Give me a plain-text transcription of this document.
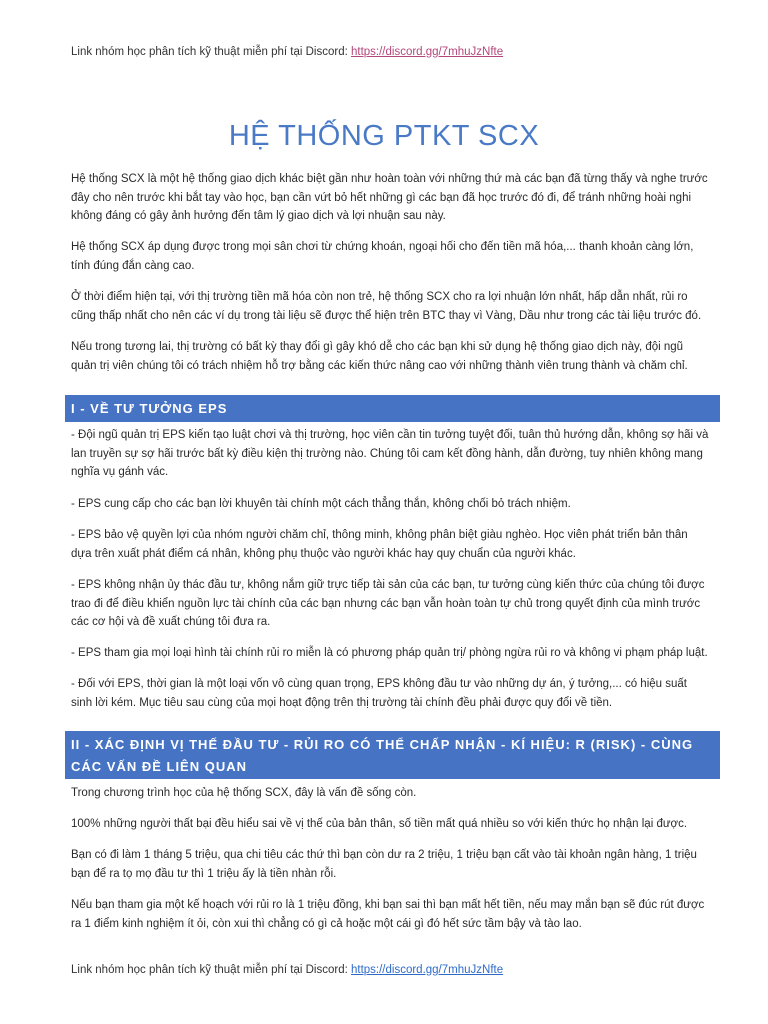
Link nhóm học phân tích kỹ thuật miễn phí tại Discord: https://discord.gg/7mhuJzNfte
HỆ THỐNG PTKT SCX

Hệ thống SCX là một hệ thống giao dịch khác biệt gần như hoàn toàn với những thứ mà các bạn đã từng thấy và nghe trước đây cho nên trước khi bắt tay vào học, bạn cần vứt bỏ hết những gì các bạn đã học trước đó đi, để tránh những hoài nghi không đáng có gây ảnh hưởng đến tâm lý giao dịch và lợi nhuận sau này.

Hệ thống SCX áp dụng được trong mọi sân chơi từ chứng khoán, ngoại hối cho đến tiền mã hóa,... thanh khoản càng lớn, tính đúng đắn càng cao.

Ở thời điểm hiện tại, với thị trường tiền mã hóa còn non trẻ, hệ thống SCX cho ra lợi nhuận lớn nhất, hấp dẫn nhất, rủi ro cũng thấp nhất cho nên các ví dụ trong tài liệu sẽ được thể hiện trên BTC thay vì Vàng, Dầu như trong các tài liệu trước đó.

Nếu trong tương lai, thị trường có bất kỳ thay đổi gì gây khó dễ cho các bạn khi sử dụng hệ thống giao dịch này, đội ngũ quản trị viên chúng tôi có trách nhiệm hỗ trợ bằng các kiến thức nâng cao với những thành viên trung thành và chăm chỉ.

I - VỀ TƯ TƯỞNG EPS

- Đội ngũ quản trị EPS kiến tạo luật chơi và thị trường, học viên cần tin tưởng tuyệt đối, tuân thủ hướng dẫn, không sợ hãi và lan truyền sự sợ hãi trước bất kỳ điều kiện thị trường nào. Chúng tôi cam kết đồng hành, dẫn đường, tuy nhiên không mang nghĩa vụ gánh vác.

- EPS cung cấp cho các bạn lời khuyên tài chính một cách thẳng thắn, không chối bỏ trách nhiệm.

- EPS bảo vệ quyền lợi của nhóm người chăm chỉ, thông minh, không phân biệt giàu nghèo. Học viên phát triển bản thân dựa trên xuất phát điểm cá nhân, không phụ thuộc vào người khác hay quy chuẩn của người khác.

- EPS không nhận ủy thác đầu tư, không nắm giữ trực tiếp tài sản của các bạn, tư tưởng cùng kiến thức của chúng tôi được trao đi để điều khiển nguồn lực tài chính của các bạn nhưng các bạn vẫn hoàn toàn tự chủ trong quyết định của mình trước các cơ hội và đề xuất chúng tôi đưa ra.

- EPS tham gia mọi loại hình tài chính rủi ro miễn là có phương pháp quản trị/ phòng ngừa rủi ro và không vi phạm pháp luật.

- Đối với EPS, thời gian là một loại vốn vô cùng quan trọng, EPS không đầu tư vào những dự án, ý tưởng,... có hiệu suất sinh lời kém. Mục tiêu sau cùng của mọi hoạt động trên thị trường tài chính đều phải được quy đổi về tiền.

II - XÁC ĐỊNH VỊ THẾ ĐẦU TƯ - RỦI RO CÓ THỂ CHẤP NHẬN - KÍ HIỆU: R (RISK) - CÙNG CÁC VẤN ĐỀ LIÊN QUAN

Trong chương trình học của hệ thống SCX, đây là vấn đề sống còn.

100% những người thất bại đều hiểu sai về vị thế của bản thân, số tiền mất quá nhiều so với kiến thức họ nhận lại được.

Bạn có đi làm 1 tháng 5 triệu, qua chi tiêu các thứ thì bạn còn dư ra 2 triệu, 1 triệu bạn cất vào tài khoản ngân hàng, 1 triệu bạn để ra tọ mọ đầu tư thì 1 triệu ấy là tiền nhàn rỗi.

Nếu bạn tham gia một kế hoạch với rủi ro là 1 triệu đồng, khi bạn sai thì bạn mất hết tiền, nếu may mắn bạn sẽ đúc rút được ra 1 điểm kinh nghiệm ít ỏi, còn xui thì chẳng có gì cả hoặc một cái gì đó hết sức tầm bậy và tào lao.

Link nhóm học phân tích kỹ thuật miễn phí tại Discord: https://discord.gg/7mhuJzNfte
